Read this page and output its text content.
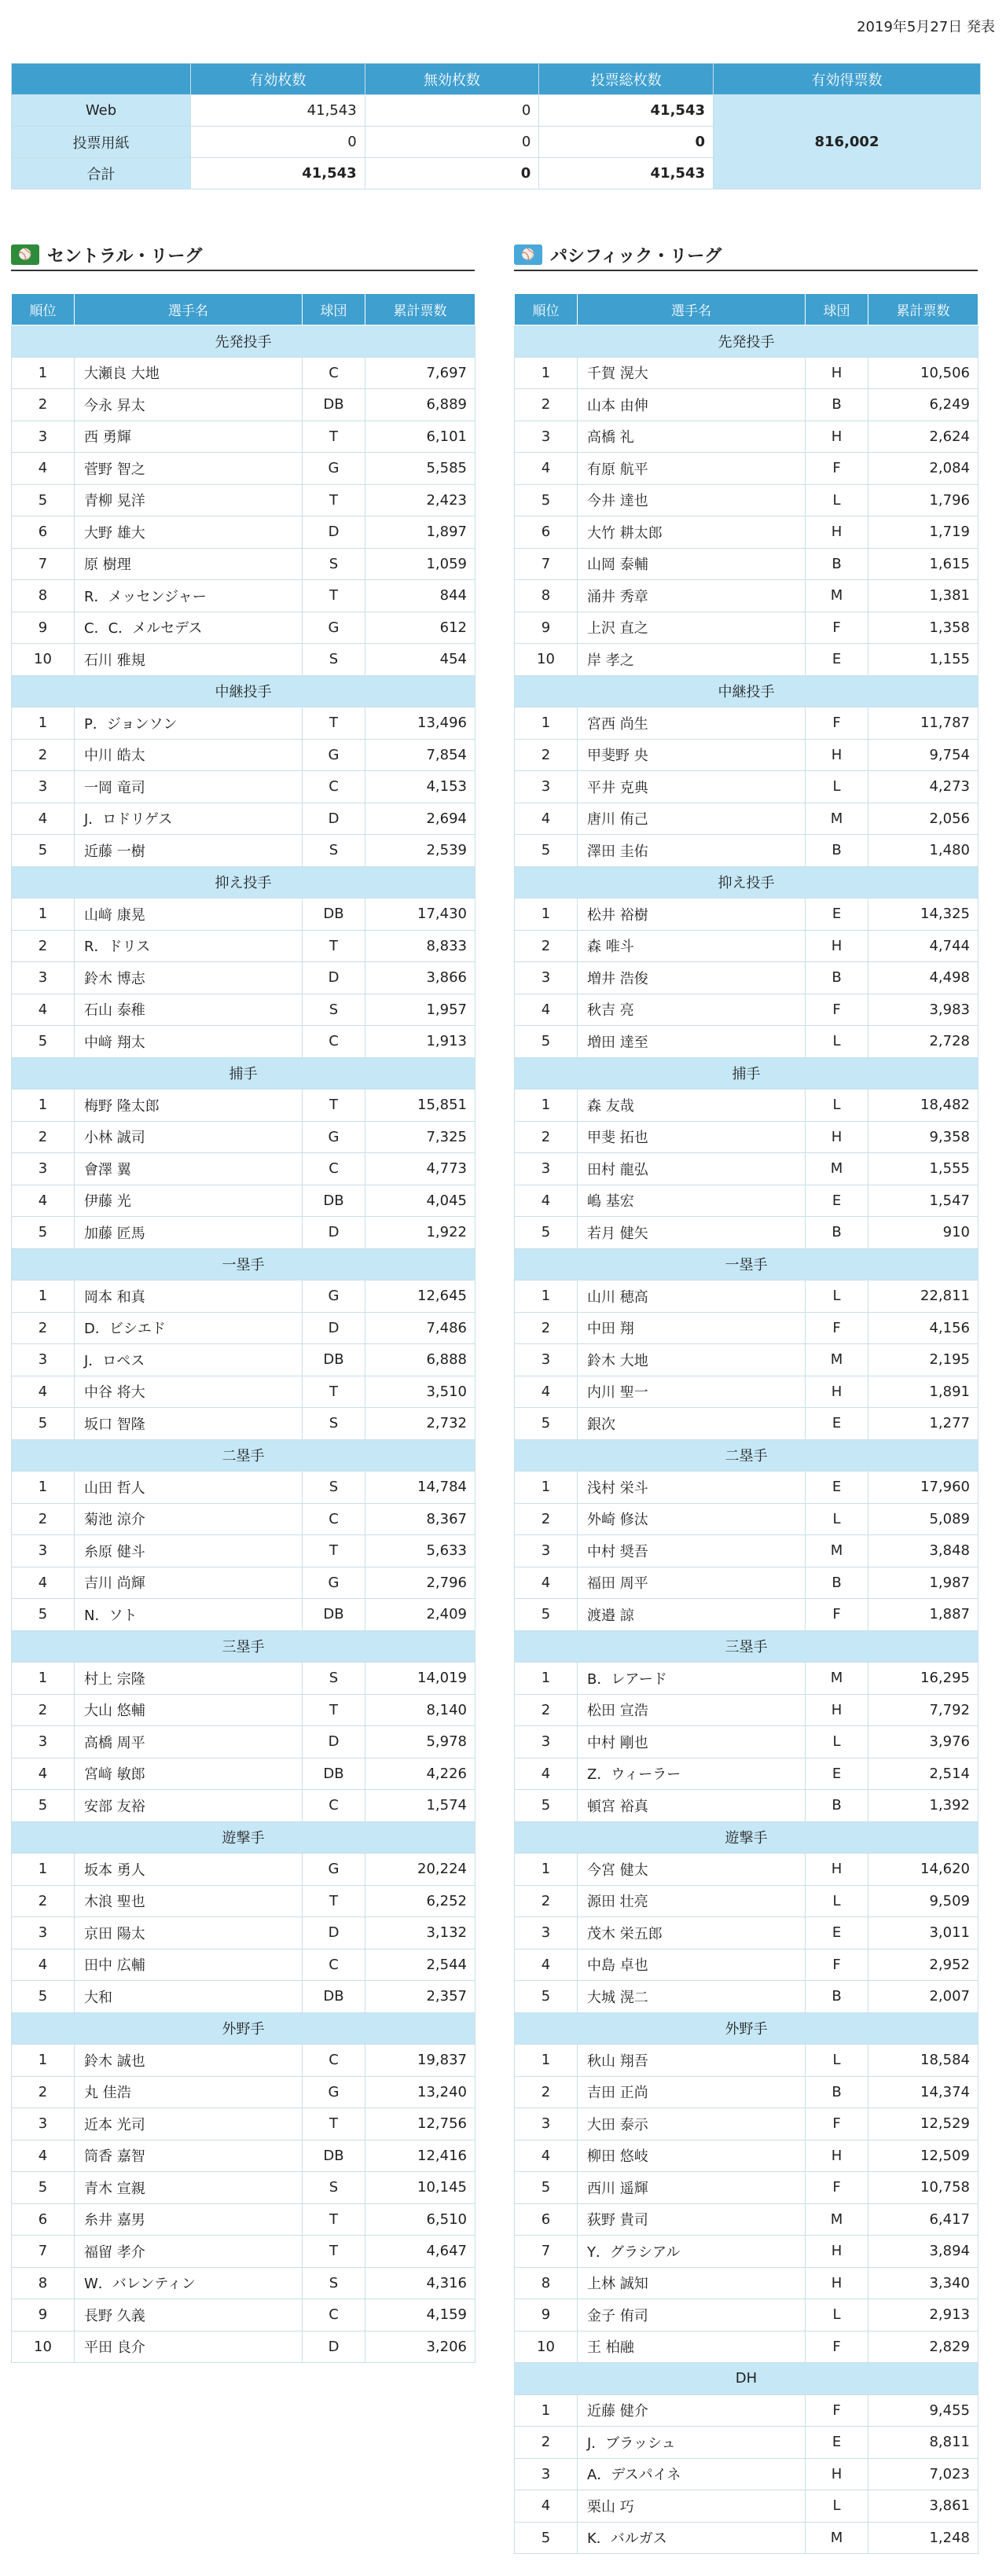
2019年5月27日 発表
	有効枚数	無効枚数	投票総枚数	有効得票数
Web	41,543	0	41,543	816,002
投票用紙	0	0	0	
合計	41,543	0	41,543	
⚾ セントラル・リーグ
順位	選手名	球団	累計票数
先発投手			
1	大瀬良 大地	C	7,697
2	今永 昇太	DB	6,889
3	西 勇輝	T	6,101
4	菅野 智之	G	5,585
5	青柳 晃洋	T	2,423
6	大野 雄大	D	1,897
7	原 樹理	S	1,059
8	R．メッセンジャー	T	844
9	C．C．メルセデス	G	612
10	石川 雅規	S	454
中継投手			
1	P．ジョンソン	T	13,496
2	中川 皓太	G	7,854
3	一岡 竜司	C	4,153
4	J．ロドリゲス	D	2,694
5	近藤 一樹	S	2,539
抑え投手			
1	山﨑 康晃	DB	17,430
2	R．ドリス	T	8,833
3	鈴木 博志	D	3,866
4	石山 泰稚	S	1,957
5	中﨑 翔太	C	1,913
捕手			
1	梅野 隆太郎	T	15,851
2	小林 誠司	G	7,325
3	會澤 翼	C	4,773
4	伊藤 光	DB	4,045
5	加藤 匠馬	D	1,922
一塁手			
1	岡本 和真	G	12,645
2	D．ビシエド	D	7,486
3	J．ロペス	DB	6,888
4	中谷 将大	T	3,510
5	坂口 智隆	S	2,732
二塁手			
1	山田 哲人	S	14,784
2	菊池 涼介	C	8,367
3	糸原 健斗	T	5,633
4	吉川 尚輝	G	2,796
5	N．ソト	DB	2,409
三塁手			
1	村上 宗隆	S	14,019
2	大山 悠輔	T	8,140
3	高橋 周平	D	5,978
4	宮﨑 敏郎	DB	4,226
5	安部 友裕	C	1,574
遊撃手			
1	坂本 勇人	G	20,224
2	木浪 聖也	T	6,252
3	京田 陽太	D	3,132
4	田中 広輔	C	2,544
5	大和	DB	2,357
外野手			
1	鈴木 誠也	C	19,837
2	丸 佳浩	G	13,240
3	近本 光司	T	12,756
4	筒香 嘉智	DB	12,416
5	青木 宣親	S	10,145
6	糸井 嘉男	T	6,510
7	福留 孝介	T	4,647
8	W．バレンティン	S	4,316
9	長野 久義	C	4,159
10	平田 良介	D	3,206
⚾ パシフィック・リーグ
順位	選手名	球団	累計票数
先発投手			
1	千賀 滉大	H	10,506
2	山本 由伸	B	6,249
3	高橋 礼	H	2,624
4	有原 航平	F	2,084
5	今井 達也	L	1,796
6	大竹 耕太郎	H	1,719
7	山岡 泰輔	B	1,615
8	涌井 秀章	M	1,381
9	上沢 直之	F	1,358
10	岸 孝之	E	1,155
中継投手			
1	宮西 尚生	F	11,787
2	甲斐野 央	H	9,754
3	平井 克典	L	4,273
4	唐川 侑己	M	2,056
5	澤田 圭佑	B	1,480
抑え投手			
1	松井 裕樹	E	14,325
2	森 唯斗	H	4,744
3	増井 浩俊	B	4,498
4	秋吉 亮	F	3,983
5	増田 達至	L	2,728
捕手			
1	森 友哉	L	18,482
2	甲斐 拓也	H	9,358
3	田村 龍弘	M	1,555
4	嶋 基宏	E	1,547
5	若月 健矢	B	910
一塁手			
1	山川 穂高	L	22,811
2	中田 翔	F	4,156
3	鈴木 大地	M	2,195
4	内川 聖一	H	1,891
5	銀次	E	1,277
二塁手			
1	浅村 栄斗	E	17,960
2	外崎 修汰	L	5,089
3	中村 奨吾	M	3,848
4	福田 周平	B	1,987
5	渡邉 諒	F	1,887
三塁手			
1	B．レアード	M	16,295
2	松田 宣浩	H	7,792
3	中村 剛也	L	3,976
4	Z．ウィーラー	E	2,514
5	頓宮 裕真	B	1,392
遊撃手			
1	今宮 健太	H	14,620
2	源田 壮亮	L	9,509
3	茂木 栄五郎	E	3,011
4	中島 卓也	F	2,952
5	大城 滉二	B	2,007
外野手			
1	秋山 翔吾	L	18,584
2	吉田 正尚	B	14,374
3	大田 泰示	F	12,529
4	柳田 悠岐	H	12,509
5	西川 遥輝	F	10,758
6	荻野 貴司	M	6,417
7	Y．グラシアル	H	3,894
8	上林 誠知	H	3,340
9	金子 侑司	L	2,913
10	王 柏融	F	2,829
DH			
1	近藤 健介	F	9,455
2	J．ブラッシュ	E	8,811
3	A．デスパイネ	H	7,023
4	栗山 巧	L	3,861
5	K．バルガス	M	1,248
